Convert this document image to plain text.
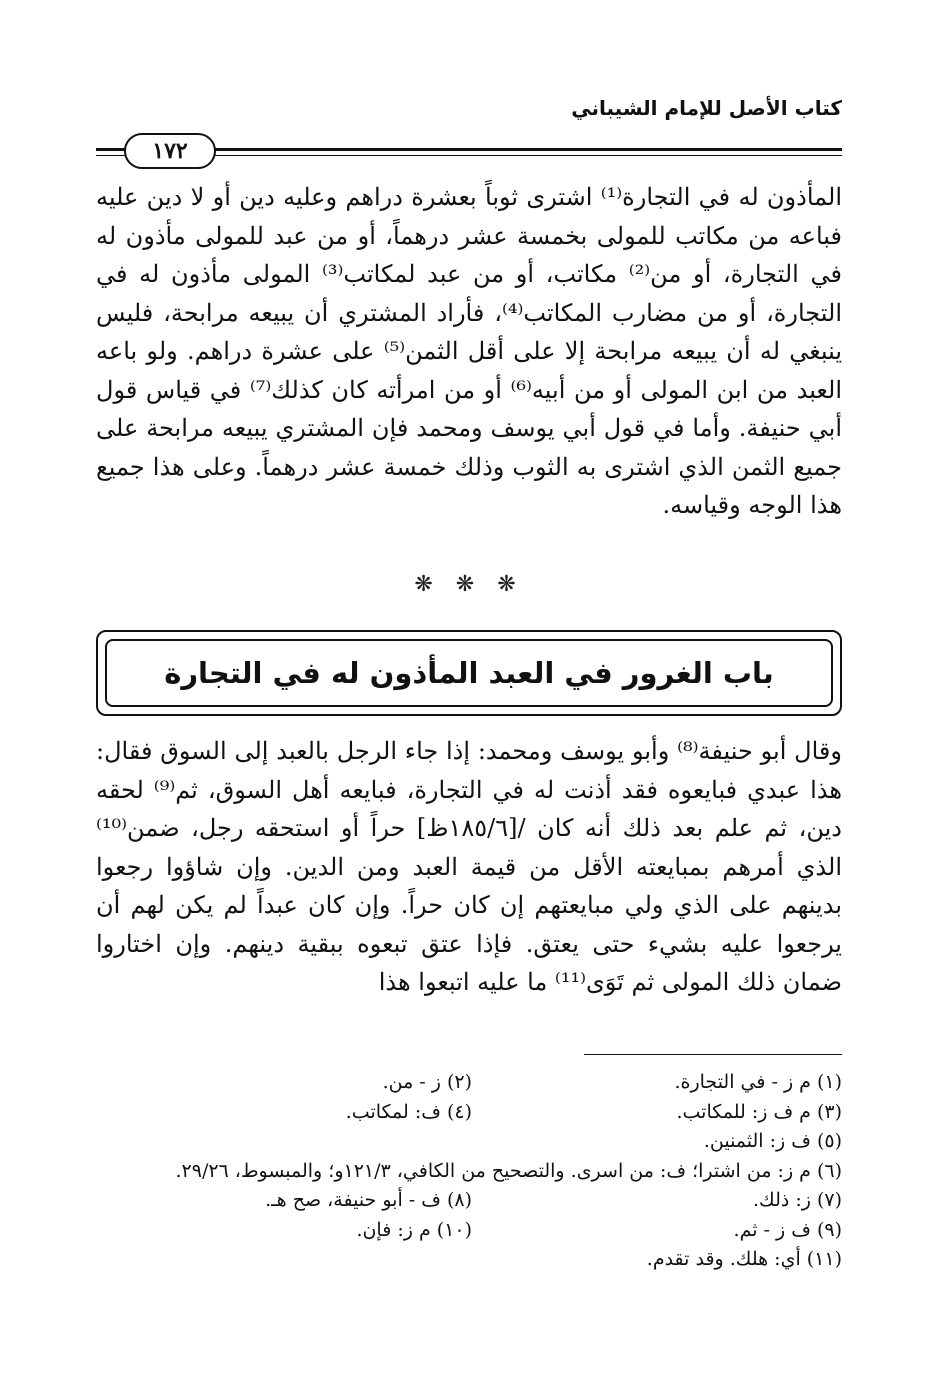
كتاب الأصل للإمام الشيباني
١٧٢

المأذون له في التجارة⁽¹⁾ اشترى ثوباً بعشرة دراهم وعليه دين أو لا دين عليه فباعه من مكاتب للمولى بخمسة عشر درهماً، أو من عبد للمولى مأذون له في التجارة، أو من⁽²⁾ مكاتب، أو من عبد لمكاتب⁽³⁾ المولى مأذون له في التجارة، أو من مضارب المكاتب⁽⁴⁾، فأراد المشتري أن يبيعه مرابحة، فليس ينبغي له أن يبيعه مرابحة إلا على أقل الثمن⁽⁵⁾ على عشرة دراهم. ولو باعه العبد من ابن المولى أو من أبيه⁽⁶⁾ أو من امرأته كان كذلك⁽⁷⁾ في قياس قول أبي حنيفة. وأما في قول أبي يوسف ومحمد فإن المشتري يبيعه مرابحة على جميع الثمن الذي اشترى به الثوب وذلك خمسة عشر درهماً. وعلى هذا جميع هذا الوجه وقياسه.

❋ ❋ ❋
باب الغرور في العبد المأذون له في التجارة

وقال أبو حنيفة⁽⁸⁾ وأبو يوسف ومحمد: إذا جاء الرجل بالعبد إلى السوق فقال: هذا عبدي فبايعوه فقد أذنت له في التجارة، فبايعه أهل السوق، ثم⁽⁹⁾ لحقه دين، ثم علم بعد ذلك أنه كان /[١٨٥/٦ظ] حراً أو استحقه رجل، ضمن⁽¹⁰⁾ الذي أمرهم بمبايعته الأقل من قيمة العبد ومن الدين. وإن شاؤوا رجعوا بدينهم على الذي ولي مبايعتهم إن كان حراً. وإن كان عبداً لم يكن لهم أن يرجعوا عليه بشيء حتى يعتق. فإذا عتق تبعوه ببقية دينهم. وإن اختاروا ضمان ذلك المولى ثم تَوَى⁽¹¹⁾ ما عليه اتبعوا هذا

(١)م ز - في التجارة.
(٢)ز - من.
(٣)م ف ز: للمكاتب.
(٤)ف: لمكاتب.
(٥)ف ز: الثمنين.
(٦)م ز: من اشترا؛ ف: من اسرى. والتصحيح من الكافي، ١٢١/٣و؛ والمبسوط، ٢٩/٢٦.
(٧)ز: ذلك.
(٨)ف - أبو حنيفة، صح هـ.
(٩)ف ز - ثم.
(١٠)م ز: فإن.
(١١)أي: هلك. وقد تقدم.
